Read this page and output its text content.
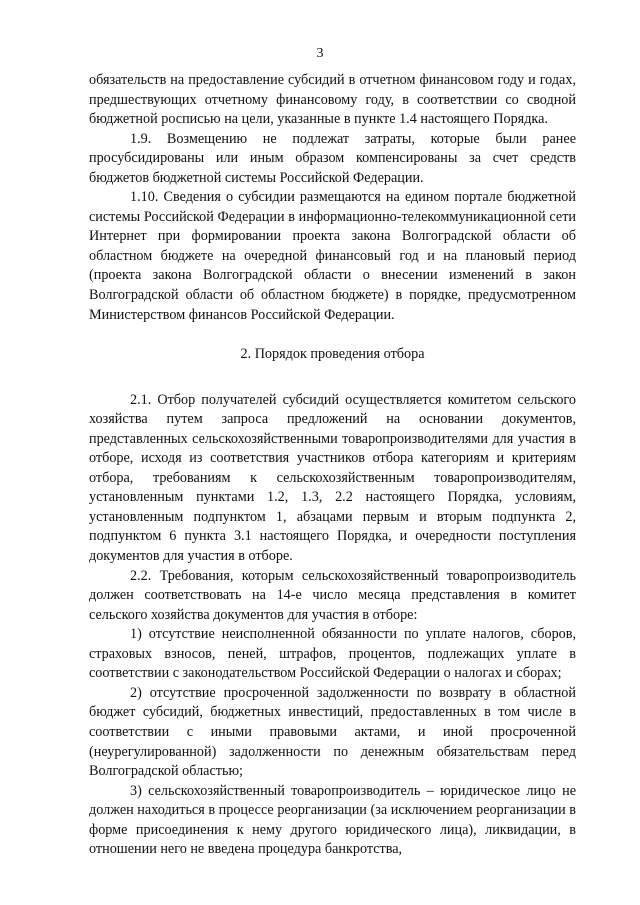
3

обязательств на предоставление субсидий в отчетном финансовом году и годах, предшествующих отчетному финансовому году, в соответствии со сводной бюджетной росписью на цели, указанные в пункте 1.4 настоящего Порядка.

1.9. Возмещению не подлежат затраты, которые были ранее просубсидированы или иным образом компенсированы за счет средств бюджетов бюджетной системы Российской Федерации.

1.10. Сведения о субсидии размещаются на едином портале бюджетной системы Российской Федерации в информационно-телекоммуникационной сети Интернет при формировании проекта закона Волгоградской области об областном бюджете на очередной финансовый год и на плановый период (проекта закона Волгоградской области о внесении изменений в закон Волгоградской области об областном бюджете) в порядке, предусмотренном Министерством финансов Российской Федерации.

2. Порядок проведения отбора

2.1. Отбор получателей субсидий осуществляется комитетом сельского хозяйства путем запроса предложений на основании документов, представленных сельскохозяйственными товаропроизводителями для участия в отборе, исходя из соответствия участников отбора категориям и критериям отбора, требованиям к сельскохозяйственным товаропроизводителям, установленным пунктами 1.2, 1.3, 2.2 настоящего Порядка, условиям, установленным подпунктом 1, абзацами первым и вторым подпункта 2, подпунктом 6 пункта 3.1 настоящего Порядка, и очередности поступления документов для участия в отборе.

2.2. Требования, которым сельскохозяйственный товаропроизводитель должен соответствовать на 14-е число месяца представления в комитет сельского хозяйства документов для участия в отборе:

1) отсутствие неисполненной обязанности по уплате налогов, сборов, страховых взносов, пеней, штрафов, процентов, подлежащих уплате в соответствии с законодательством Российской Федерации о налогах и сборах;

2) отсутствие просроченной задолженности по возврату в областной бюджет субсидий, бюджетных инвестиций, предоставленных в том числе в соответствии с иными правовыми актами, и иной просроченной (неурегулированной) задолженности по денежным обязательствам перед Волгоградской областью;

3) сельскохозяйственный товаропроизводитель – юридическое лицо не должен находиться в процессе реорганизации (за исключением реорганизации в форме присоединения к нему другого юридического лица), ликвидации, в отношении него не введена процедура банкротства,
